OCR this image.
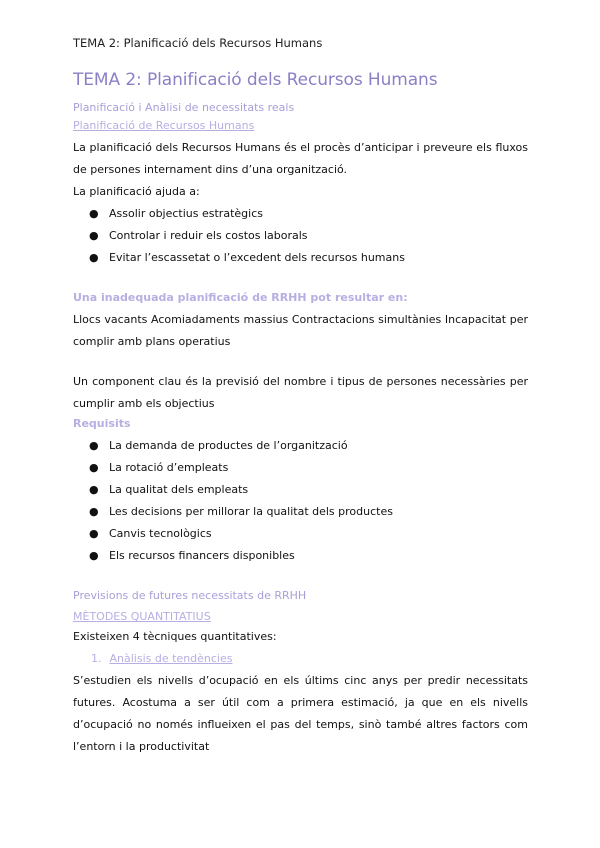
TEMA 2: Planificació dels Recursos Humans
TEMA 2: Planificació dels Recursos Humans

Planificació i Anàlisi de necessitats reals

Planificació de Recursos Humans

La planificació dels Recursos Humans és el procès d’anticipar i preveure els fluxos de persones internament dins d’una organització.

La planificació ajuda a:

● Assolir objectius estratègics
● Controlar i reduir els costos laborals
● Evitar l’escassetat o l’excedent dels recursos humans

Una inadequada planificació de RRHH pot resultar en:

Llocs vacants Acomiadaments massius Contractacions simultànies Incapacitat per complir amb plans operatius

Un component clau és la previsió del nombre i tipus de persones necessàries per cumplir amb els objectius

Requisits

● La demanda de productes de l’organització
● La rotació d’empleats
● La qualitat dels empleats
● Les decisions per millorar la qualitat dels productes
● Canvis tecnològics
● Els recursos financers disponibles

Previsions de futures necessitats de RRHH

MÈTODES QUANTITATIUS

Existeixen 4 tècniques quantitatives:

1. Anàlisis de tendències

S’estudien els nivells d’ocupació en els últims cinc anys per predir necessitats futures. Acostuma a ser útil com a primera estimació, ja que en els nivells d’ocupació no només influeixen el pas del temps, sinò també altres factors com l’entorn i la productivitat
